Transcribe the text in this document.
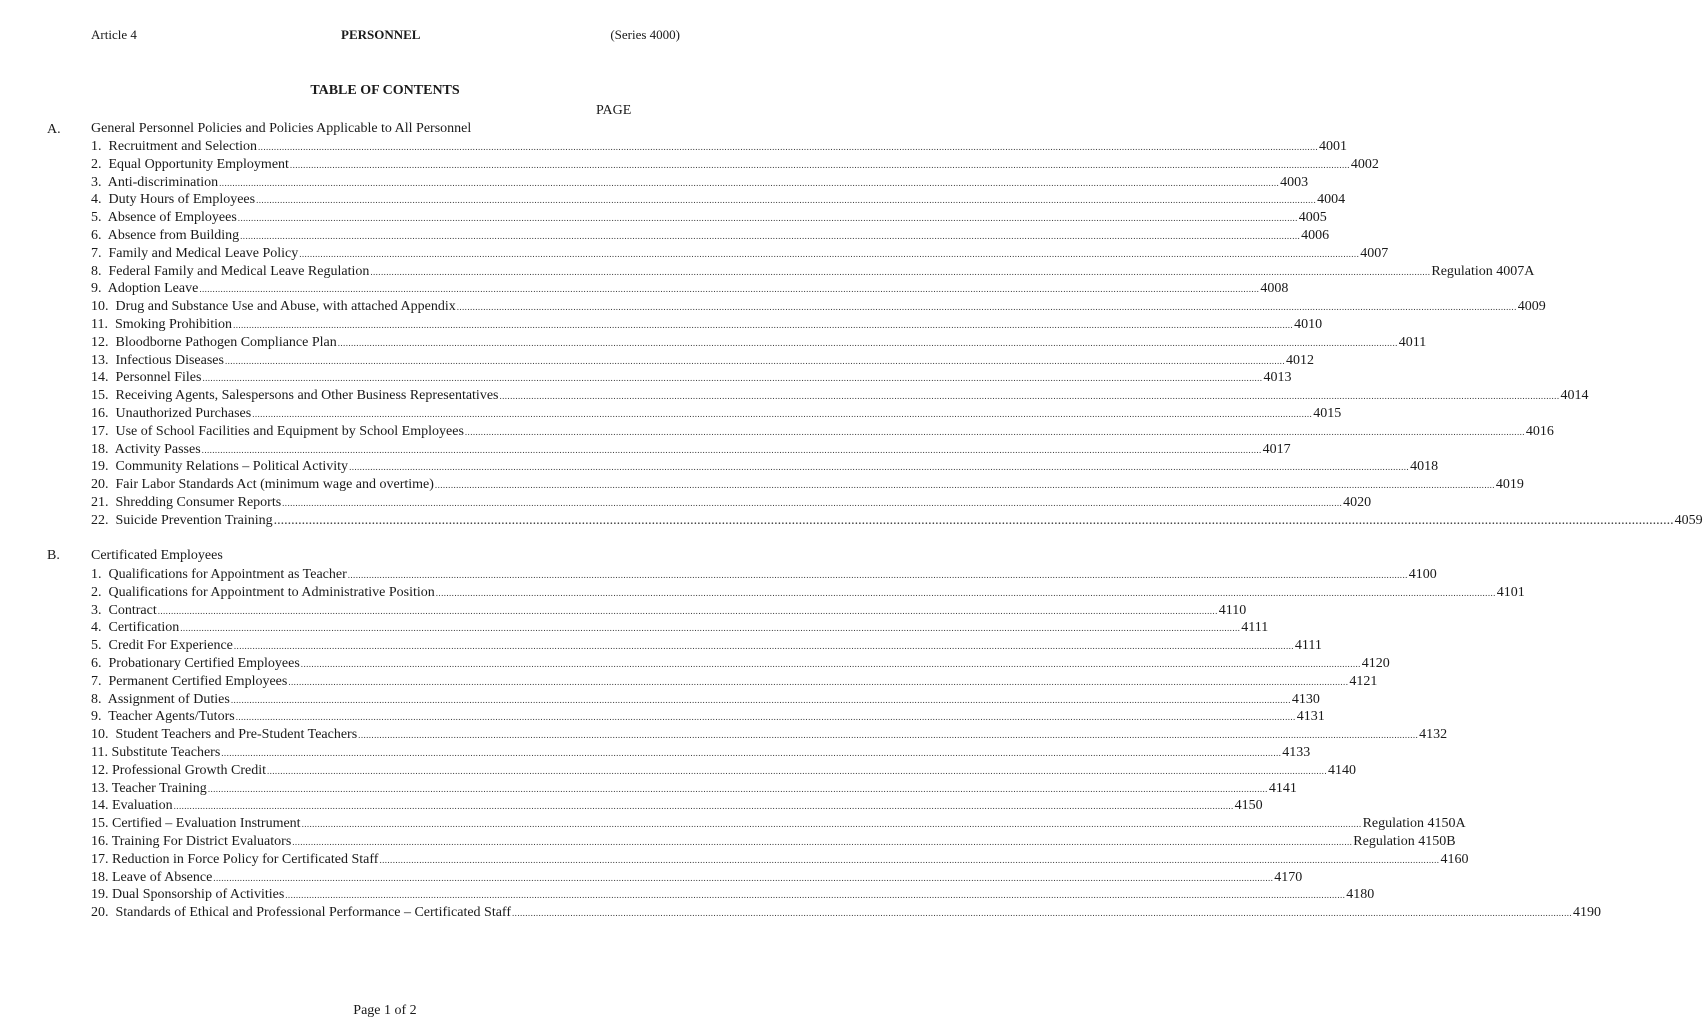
Article 4	PERSONNEL	(Series 4000)
TABLE OF CONTENTS
PAGE
A. General Personnel Policies and Policies Applicable to All Personnel
1.  Recruitment and Selection ................................................................................................................................................................................................................................................................................................................................................................................................................ 4001
2.  Equal Opportunity Employment ................................................................................................................................................................................................................................................................................................................................................................................................................ 4002
3.  Anti-discrimination ................................................................................................................................................................................................................................................................................................................................................................................................................ 4003
4.  Duty Hours of Employees ................................................................................................................................................................................................................................................................................................................................................................................................................ 4004
5.  Absence of Employees ................................................................................................................................................................................................................................................................................................................................................................................................................ 4005
6.  Absence from Building ................................................................................................................................................................................................................................................................................................................................................................................................................ 4006
7.  Family and Medical Leave Policy ................................................................................................................................................................................................................................................................................................................................................................................................................ 4007
8.  Federal Family and Medical Leave Regulation ................................................................................................................................................................................................................................................................................................................................................................................................................ Regulation 4007A
9.  Adoption Leave ................................................................................................................................................................................................................................................................................................................................................................................................................ 4008
10.  Drug and Substance Use and Abuse, with attached Appendix ................................................................................................................................................................................................................................................................................................................................................................................................................ 4009
11.  Smoking Prohibition ................................................................................................................................................................................................................................................................................................................................................................................................................ 4010
12.  Bloodborne Pathogen Compliance Plan ................................................................................................................................................................................................................................................................................................................................................................................................................ 4011
13.  Infectious Diseases ................................................................................................................................................................................................................................................................................................................................................................................................................ 4012
14.  Personnel Files ................................................................................................................................................................................................................................................................................................................................................................................................................ 4013
15.  Receiving Agents, Salespersons and Other Business Representatives ................................................................................................................................................................................................................................................................................................................................................................................................................ 4014
16.  Unauthorized Purchases ................................................................................................................................................................................................................................................................................................................................................................................................................ 4015
17.  Use of School Facilities and Equipment by School Employees ................................................................................................................................................................................................................................................................................................................................................................................................................ 4016
18.  Activity Passes ................................................................................................................................................................................................................................................................................................................................................................................................................ 4017
19.  Community Relations – Political Activity ................................................................................................................................................................................................................................................................................................................................................................................................................ 4018
20.  Fair Labor Standards Act (minimum wage and overtime) ................................................................................................................................................................................................................................................................................................................................................................................................................ 4019
21.  Shredding Consumer Reports ................................................................................................................................................................................................................................................................................................................................................................................................................ 4020
22.  Suicide Prevention Training ................................................................................................................................................................................................................................................................................................................................................................................................................ 4059
B. Certificated Employees
1.  Qualifications for Appointment as Teacher ................................................................................................................................................................................................................................................................................................................................................................................................................ 4100
2.  Qualifications for Appointment to Administrative Position ................................................................................................................................................................................................................................................................................................................................................................................................................ 4101
3.  Contract ................................................................................................................................................................................................................................................................................................................................................................................................................ 4110
4.  Certification ................................................................................................................................................................................................................................................................................................................................................................................................................ 4111
5.  Credit For Experience ................................................................................................................................................................................................................................................................................................................................................................................................................ 4111
6.  Probationary Certified Employees ................................................................................................................................................................................................................................................................................................................................................................................................................ 4120
7.  Permanent Certified Employees ................................................................................................................................................................................................................................................................................................................................................................................................................ 4121
8.  Assignment of Duties ................................................................................................................................................................................................................................................................................................................................................................................................................ 4130
9.  Teacher Agents/Tutors ................................................................................................................................................................................................................................................................................................................................................................................................................ 4131
10.  Student Teachers and Pre-Student Teachers ................................................................................................................................................................................................................................................................................................................................................................................................................ 4132
11. Substitute Teachers ................................................................................................................................................................................................................................................................................................................................................................................................................ 4133
12. Professional Growth Credit ................................................................................................................................................................................................................................................................................................................................................................................................................ 4140
13. Teacher Training ................................................................................................................................................................................................................................................................................................................................................................................................................ 4141
14. Evaluation ................................................................................................................................................................................................................................................................................................................................................................................................................ 4150
15. Certified – Evaluation Instrument ................................................................................................................................................................................................................................................................................................................................................................................................................ Regulation 4150A
16. Training For District Evaluators ................................................................................................................................................................................................................................................................................................................................................................................................................ Regulation 4150B
17. Reduction in Force Policy for Certificated Staff ................................................................................................................................................................................................................................................................................................................................................................................................................ 4160
18. Leave of Absence ................................................................................................................................................................................................................................................................................................................................................................................................................ 4170
19. Dual Sponsorship of Activities ................................................................................................................................................................................................................................................................................................................................................................................................................ 4180
20.  Standards of Ethical and Professional Performance – Certificated Staff ................................................................................................................................................................................................................................................................................................................................................................................................................ 4190
Page 1 of 2
